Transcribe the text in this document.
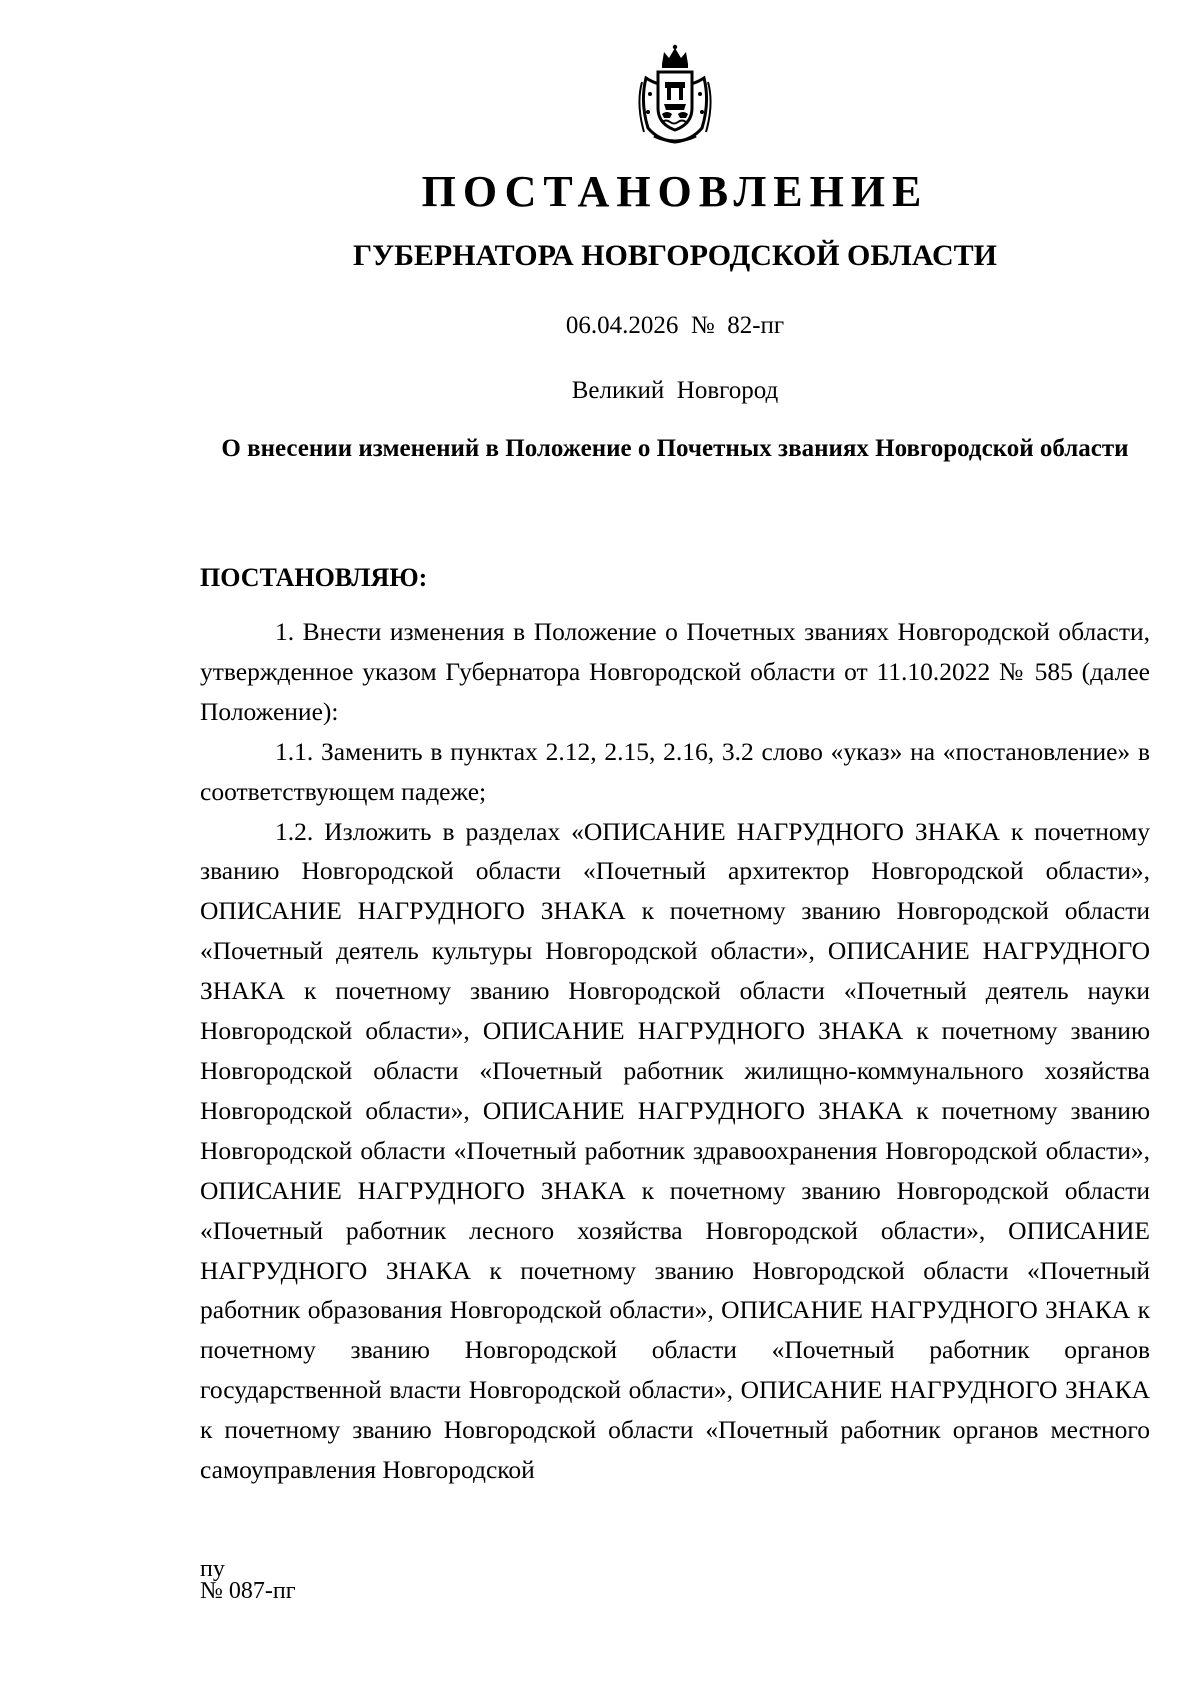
ПОСТАНОВЛЕНИЕ
ГУБЕРНАТОРА НОВГОРОДСКОЙ ОБЛАСТИ
06.04.2026  №  82-пг
Великий  Новгород
О внесении изменений в Положение о Почетных званиях Новгородской области
ПОСТАНОВЛЯЮ:

1. Внести изменения в Положение о Почетных званиях Новгородской области, утвержденное указом Губернатора Новгородской области от 11.10.2022 № 585 (далее Положение):

1.1. Заменить в пунктах 2.12, 2.15, 2.16, 3.2 слово «указ» на «постановление» в соответствующем падеже;

1.2. Изложить в разделах «ОПИСАНИЕ НАГРУДНОГО ЗНАКА к почетному званию Новгородской области «Почетный архитектор Новгородской области», ОПИСАНИЕ НАГРУДНОГО ЗНАКА к почетному званию Новгородской области «Почетный деятель культуры Новгородской области», ОПИСАНИЕ НАГРУДНОГО ЗНАКА к почетному званию Новгородской области «Почетный деятель науки Новгородской области», ОПИСАНИЕ НАГРУДНОГО ЗНАКА к почетному званию Новгородской области «Почетный работник жилищно-коммунального хозяйства Новгородской области», ОПИСАНИЕ НАГРУДНОГО ЗНАКА к почетному званию Новгородской области «Почетный работник здравоохранения Новгородской области», ОПИСАНИЕ НАГРУДНОГО ЗНАКА к почетному званию Новгородской области «Почетный работник лесного хозяйства Новгородской области», ОПИСАНИЕ НАГРУДНОГО ЗНАКА к почетному званию Новгородской области «Почетный работник образования Новгородской области», ОПИСАНИЕ НАГРУДНОГО ЗНАКА к почетному званию Новгородской области «Почетный работник органов государственной власти Новгородской области», ОПИСАНИЕ НАГРУДНОГО ЗНАКА к почетному званию Новгородской области «Почетный работник органов местного самоуправления Новгородской

пу
№ 087-пг
